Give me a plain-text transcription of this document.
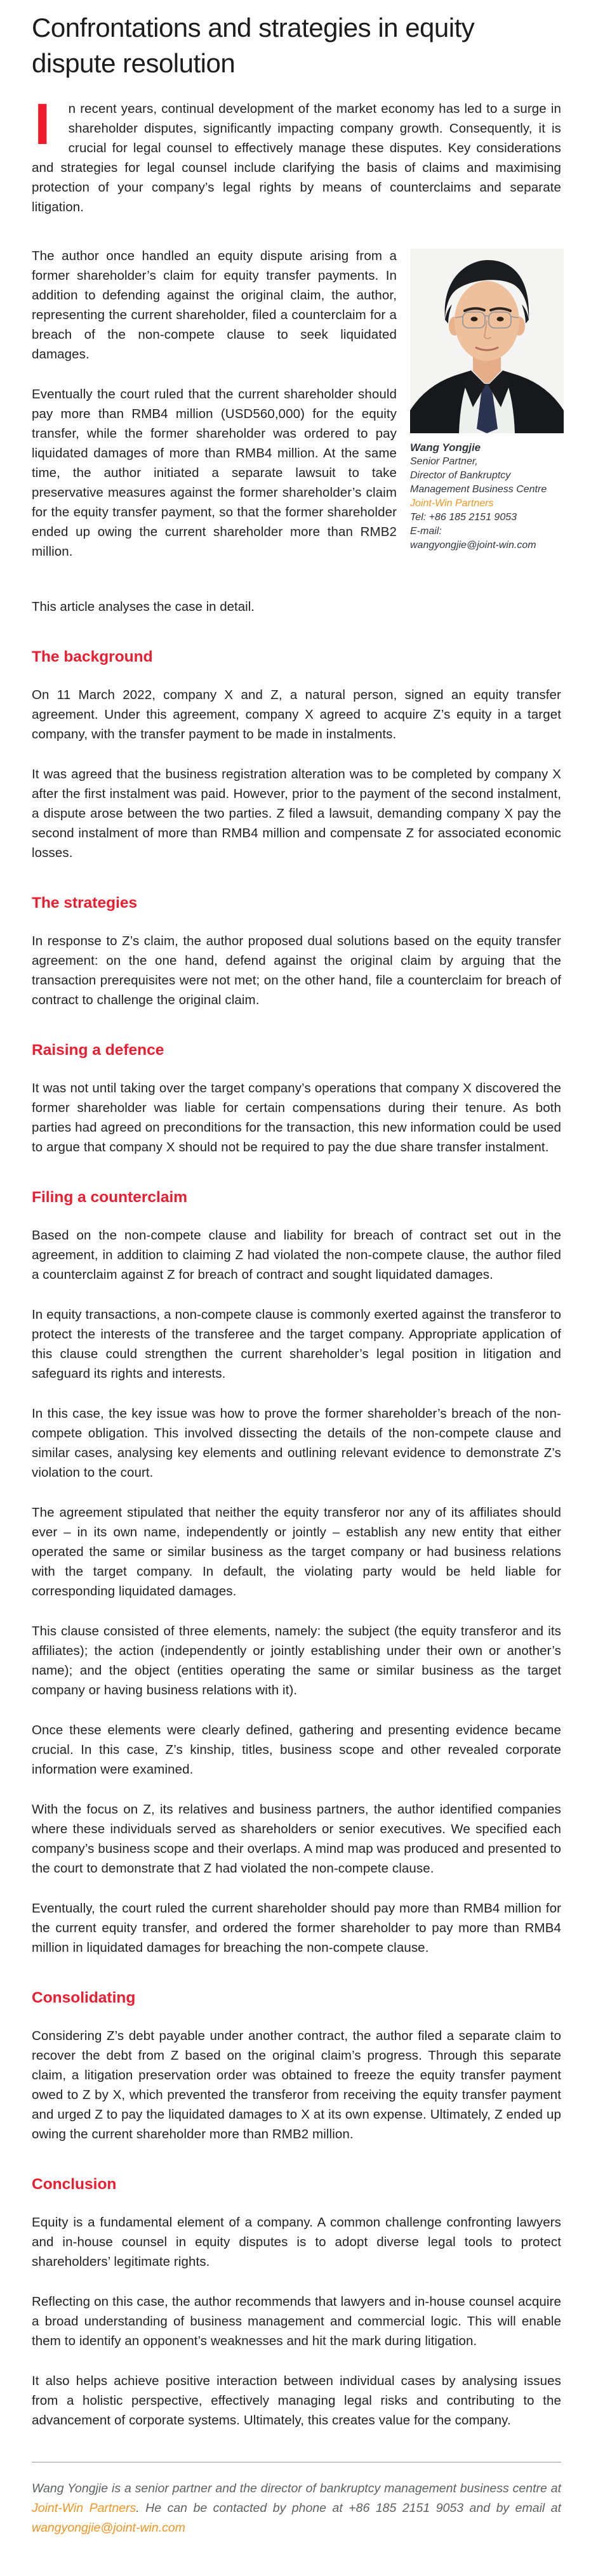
Confrontations and strategies in equity dispute resolution

I	n recent years, continual development of the market economy has led to a surge in shareholder disputes, significantly impacting company growth. Consequently, it is crucial for legal counsel to effectively manage these disputes. Key considerations and strategies for legal counsel include clarifying the basis of claims and maximising protection of your company’s legal rights by means of counterclaims and separate litigation.

The author once handled an equity dispute arising from a former shareholder’s claim for equity transfer payments. In addition to defending against the original claim, the author, representing the current shareholder, filed a counterclaim for a breach of the non-compete clause to seek liquidated damages.

Eventually the court ruled that the current shareholder should pay more than RMB4 million (USD560,000) for the equity transfer, while the former shareholder was ordered to pay liquidated damages of more than RMB4 million. At the same time, the author initiated a separate lawsuit to take preservative measures against the former shareholder’s claim for the equity transfer payment, so that the former shareholder ended up owing the current shareholder more than RMB2 million.

Wang Yongjie
Senior Partner,
Director of Bankruptcy
Management Business Centre
Joint-Win Partners
Tel: +86 185 2151 9053
E-mail:
wangyongjie@joint-win.com

This article analyses the case in detail.

The background

On 11 March 2022, company X and Z, a natural person, signed an equity transfer agreement. Under this agreement, company X agreed to acquire Z’s equity in a target company, with the transfer payment to be made in instalments.

It was agreed that the business registration alteration was to be completed by company X after the first instalment was paid. However, prior to the payment of the second instalment, a dispute arose between the two parties. Z filed a lawsuit, demanding company X pay the second instalment of more than RMB4 million and compensate Z for associated economic losses.

The strategies

In response to Z’s claim, the author proposed dual solutions based on the equity transfer agreement: on the one hand, defend against the original claim by arguing that the transaction prerequisites were not met; on the other hand, file a counterclaim for breach of contract to challenge the original claim.

Raising a defence

It was not until taking over the target company’s operations that company X discovered the former shareholder was liable for certain compensations during their tenure. As both parties had agreed on preconditions for the transaction, this new information could be used to argue that company X should not be required to pay the due share transfer instalment.

Filing a counterclaim

Based on the non-compete clause and liability for breach of contract set out in the agreement, in addition to claiming Z had violated the non-compete clause, the author filed a counterclaim against Z for breach of contract and sought liquidated damages.

In equity transactions, a non-compete clause is commonly exerted against the transferor to protect the interests of the transferee and the target company. Appropriate application of this clause could strengthen the current shareholder’s legal position in litigation and safeguard its rights and interests.

In this case, the key issue was how to prove the former shareholder’s breach of the non-compete obligation. This involved dissecting the details of the non-compete clause and similar cases, analysing key elements and outlining relevant evidence to demonstrate Z’s violation to the court.

The agreement stipulated that neither the equity transferor nor any of its affiliates should ever – in its own name, independently or jointly – establish any new entity that either operated the same or similar business as the target company or had business relations with the target company. In default, the violating party would be held liable for corresponding liquidated damages.

This clause consisted of three elements, namely: the subject (the equity transferor and its affiliates); the action (independently or jointly establishing under their own or another’s name); and the object (entities operating the same or similar business as the target company or having business relations with it).

Once these elements were clearly defined, gathering and presenting evidence became crucial. In this case, Z’s kinship, titles, business scope and other revealed corporate information were examined.

With the focus on Z, its relatives and business partners, the author identified companies where these individuals served as shareholders or senior executives. We specified each company’s business scope and their overlaps. A mind map was produced and presented to the court to demonstrate that Z had violated the non-compete clause.

Eventually, the court ruled the current shareholder should pay more than RMB4 million for the current equity transfer, and ordered the former shareholder to pay more than RMB4 million in liquidated damages for breaching the non-compete clause.

Consolidating

Considering Z’s debt payable under another contract, the author filed a separate claim to recover the debt from Z based on the original claim’s progress. Through this separate claim, a litigation preservation order was obtained to freeze the equity transfer payment owed to Z by X, which prevented the transferor from receiving the equity transfer payment and urged Z to pay the liquidated damages to X at its own expense. Ultimately, Z ended up owing the current shareholder more than RMB2 million.

Conclusion

Equity is a fundamental element of a company. A common challenge confronting lawyers and in-house counsel in equity disputes is to adopt diverse legal tools to protect shareholders’ legitimate rights.

Reflecting on this case, the author recommends that lawyers and in-house counsel acquire a broad understanding of business management and commercial logic. This will enable them to identify an opponent’s weaknesses and hit the mark during litigation.

It also helps achieve positive interaction between individual cases by analysing issues from a holistic perspective, effectively managing legal risks and contributing to the advancement of corporate systems. Ultimately, this creates value for the company.

Wang Yongjie is a senior partner and the director of bankruptcy management business centre at Joint-Win Partners. He can be contacted by phone at +86 185 2151 9053 and by email at wangyongjie@joint-win.com
